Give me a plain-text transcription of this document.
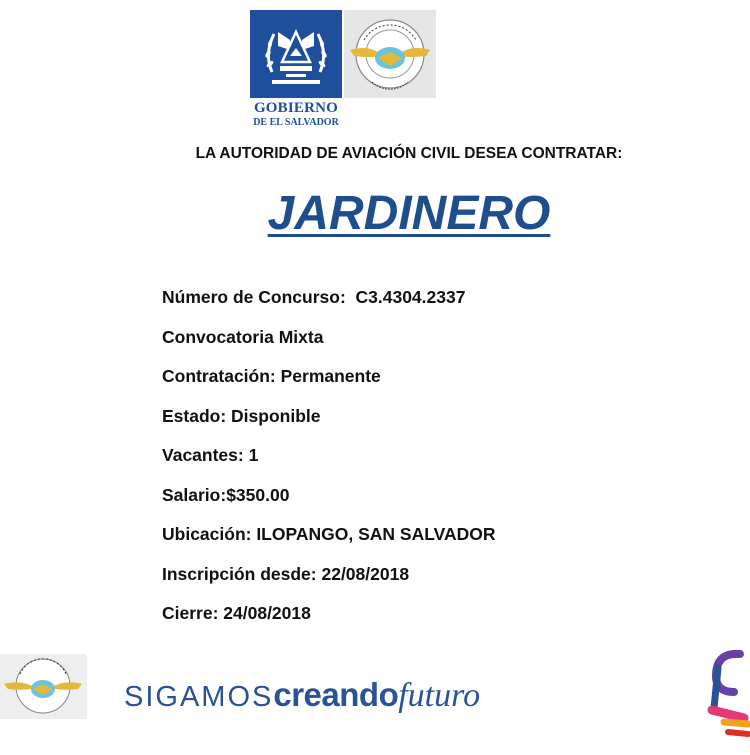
GOBIERNO
DE EL SALVADOR
LA AUTORIDAD DE AVIACIÓN CIVIL DESEA CONTRATAR:
JARDINERO
Número de Concurso:  C3.4304.2337
Convocatoria Mixta
Contratación: Permanente
Estado: Disponible
Vacantes: 1
Salario:$350.00
Ubicación: ILOPANGO, SAN SALVADOR
Inscripción desde: 22/08/2018
Cierre: 24/08/2018
SIGAMOScreandofuturo
